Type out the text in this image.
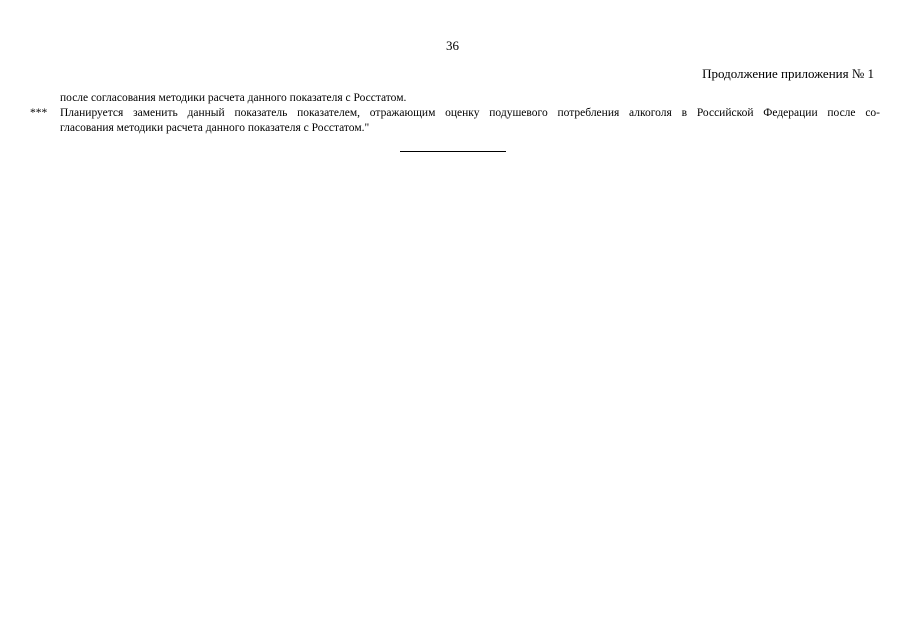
36
Продолжение приложения № 1
после согласования методики расчета данного показателя с Росстатом.
***	Планируется заменить данный показатель показателем, отражающим оценку подушевого потребления алкоголя в Российской Федерации после со-
гласования методики расчета данного показателя с Росстатом."
